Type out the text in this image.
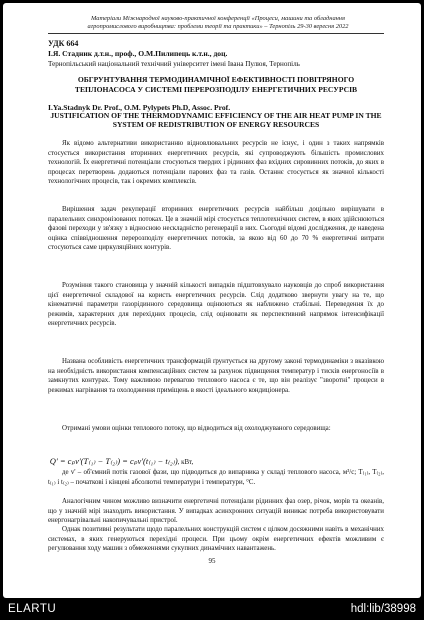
Матеріали Міжнародної науково-практичної конференції «Процеси, машини та обладнання
агропромислового виробництва: проблеми теорії та практики» – Тернопіль 29-30 вересня 2022
УДК 664
І.Я. Стадник д.т.н., проф., О.М.Пилипець к.т.н., доц.
Тернопільський національний технічний університет імені Івана Пулюя, Тернопіль
ОБГРУНТУВАННЯ ТЕРМОДИНАМІЧНОЇ ЕФЕКТИВНОСТІ ПОВІТРЯНОГО ТЕПЛОНАСОСА У СИСТЕМІ ПЕРЕРОЗПОДІЛУ ЕНЕРГЕТИЧНИХ РЕСУРСІВ
I.Ya.Stadnyk Dr. Prof., O.M. Pylypets Ph.D, Assoc. Prof.
JUSTIFICATION OF THE THERMODYNAMIC EFFICIENCY OF THE AIR HEAT PUMP IN THE SYSTEM OF REDISTRIBUTION OF ENERGY RESOURCES
Як відомо альтернативи використанню відновлювальних ресурсів не існує, і один з таких напрямків стосується використання вторинних енергетичних ресурсів, які супроводжують більшість промислових технологій. Їх енергетичні потенціали стосуються твердих і рідинних фаз вхідних сировинних потоків, до яких в процесах перетворень додаються потенціали парових фаз та газів. Останнє стосується як значної кількості технологічних процесів, так і окремих комплексів.
Вирішення задач рекуперації вторинних енергетичних ресурсів найбільш доцільно вирішувати в паралельних синхронізованих потоках. Це в значній мірі стосується теплотехнічних систем, в яких здійснюються фазові переходи у зв'язку з відносною нескладністю регенерації в них. Сьогодні відомі дослідження, де наведена оцінка співвідношення перерозподілу енергетичних потоків, за якою від 60 до 70 % енергетичні витрати стосуються саме циркуляційних контурів.
Розуміння такого становища у значній кількості випадків підштовхувало науковців до спроб використання цієї енергетичної складової на користь енергетичних ресурсів. Слід додатково звернути увагу на те, що кінематичні параметри газорідинного середовища оцінюються як наближено стабільні. Переведення їх до режимів, характерних для перехідних процесів, слід оцінювати як перспективний напрямок інтенсифікації енергетичних ресурсів.
Названа особливість енергетичних трансформацій ґрунтується на другому законі термодинаміки з вказівкою на необхідність використання компенсаційних систем за рахунок підвищення температур і тисків енергоносіїв в замкнутих контурах. Тому важливою перевагою теплового насоса є те, що він реалізує "зворотні" процеси в режимах нагрівання та охолодження приміщень в якості ідеального кондиціонера.
Отримані умови оцінки теплового потоку, що відводиться від охолоджуваного середовища:
Q' = cₚv'(T₍₁₎ − T₍₂₎) = cₚv'(t₍₁₎ − t₍₂₎), кВт,
де v' – об'ємний потік газової фази, що підводиться до випарника у складі теплового насоса, м³/с; T₍₁₎, T₍₂₎, t₍₁₎ і t₍₂₎ – початкові і кінцеві абсолютні температури і температури, °С.
Аналогічним чином можливо визначити енергетичні потенціали рідинних фаз озер, річок, морів та океанів, що у значній мірі знаходить використання. У випадках асинхронних ситуацій виникає потреба використовувати енергонагрівальні накопичувальні пристрої.
Однак позитивні результати щодо паралельних конструкцій систем є цілком досяжними навіть в механічних системах, в яких генеруються перехідні процеси. При цьому окрім енергетичних ефектів можливим є регулювання ходу машин з обмеженнями сукупних динамічних навантажень.
95
ELARTU	hdl:lib/38998
